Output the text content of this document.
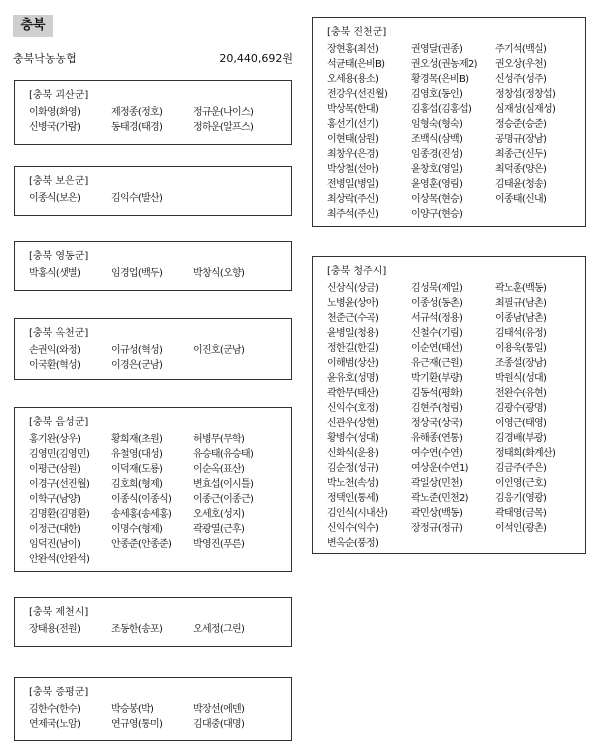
충북
충북낙농농협	20,440,692원
[충북 괴산군]
이화영(화영)	제정종(정호)	정규운(나이스)
신병국(가람)	동태경(태경)	정하운(알프스)
[충북 보은군]
이종식(보은)	김익수(발산)
[충북 영동군]
박홍식(샛별)	임경업(백두)	박창식(오향)
[충북 옥천군]
손권익(와정)	이규성(혁성)	이진호(군남)
이국환(혁성)	이경은(군남)
[충북 음성군]
홍기완(상우)	황희재(초원)	허병무(무학)
김영민(김영민)	유철영(대성)	유승태(유승태)
이평근(삼원)	이덕재(도룡)	이순옥(표산)
이경구(선진월)	김호희(형제)	변효섭(이시틀)
이학구(남양)	이종식(이종식)	이종근(이종근)
김명환(김명환)	송세홍(송세홍)	오세호(성지)
이정근(대한)	이명수(형제)	곽광열(근후)
임덕진(남이)	안종준(안종준)	박영진(푸른)
안완석(안완석)
[충북 제천시]
장태용(전원)	조동한(송포)	오세정(그린)
[충북 증평군]
김한수(한수)	박승봉(박)	박장선(에덴)
연제국(노암)	연규영(통미)	김대중(대명)
[충북 진천군]
장현홍(최선)	권영달(권종)	주기석(백실)
석균태(은비B)	권오성(권농제2)	권오상(우천)
오세용(용소)	황경목(은비B)	신성주(성주)
전강우(선진월)	김영호(동인)	정창섭(정창섭)
박상목(한대)	김홍섭(김홍섭)	심재성(심재성)
홍선기(선기)	임형숙(형숙)	정승준(승준)
이현태(삼원)	조백식(삼백)	공명규(장남)
최창우(은경)	임종경(진성)	최종근(신두)
박상철(선아)	윤창호(영일)	최덕종(양은)
전병일(병일)	윤영훈(영림)	김태윤(청송)
최상락(주신)	이상목(현승)	이종태(신내)
최주석(주신)	이양구(현승)
[충북 청주시]
신삼식(상금)	김성묵(제일)	곽노훈(백동)
노병윤(상아)	이종성(동촌)	최필규(남촌)
천준근(수곡)	서규석(정용)	이종남(남촌)
윤병일(청용)	신철수(기림)	김태석(유정)
정한길(한길)	이순연(태선)	이용욱(통일)
이해범(상산)	유근재(근원)	조종설(장남)
윤유호(성명)	박기환(부량)	박원식(성대)
곽한무(태산)	김동석(평화)	전완수(유현)
신익수(호정)	김현주(청림)	김광수(광명)
신관우(상현)	정상국(상국)	이영근(태영)
황병수(성대)	유해종(연통)	김경배(부광)
신화식(운용)	여수연(수연)	정태희(화계산)
김순정(성규)	여상운(수연1)	김금주(주은)
박노천(속성)	곽일상(민천)	이인영(근호)
정택인(통세)	곽노준(민천2)	김응기(영광)
김인식(시내산)	곽민상(백동)	곽태영(금목)
신익수(익수)	장정규(정규)	이석인(광촌)
변옥순(풍정)
